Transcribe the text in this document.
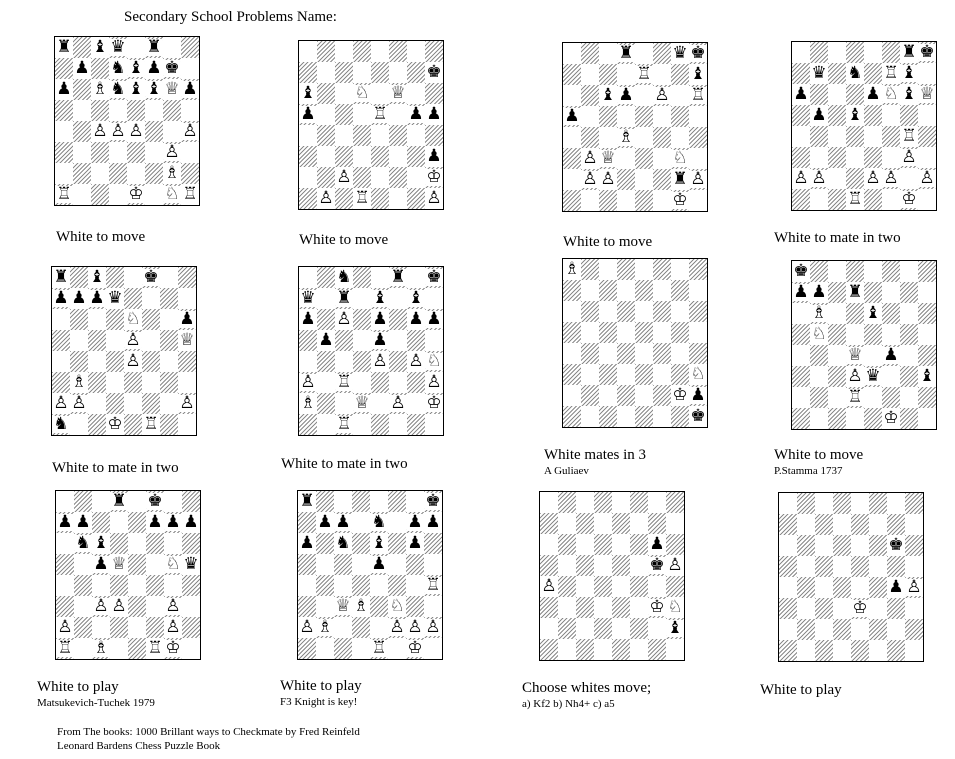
Secondary School Problems Name:
♜ ♝ ♛ ♜
♟ ♞ ♝ ♟ ♚
♟ ♗ ♞ ♝ ♝ ♕ ♟
♙ ♙ ♙ ♙
♙
♗
♖	♔ ♘ ♖
♚
♝ ♘ ♕
♟	♖ ♟ ♟
♟
♙	♔
♙ ♖	♙
♜ ♛ ♚
♖ ♝
♝ ♟ ♙ ♖
♟
♗
♙ ♕	♘
♙ ♙	♜ ♙
♔
♜ ♚
♛ ♞ ♖ ♝
♟	♟ ♘ ♝ ♕
♟ ♝
♖
♙
♙ ♙ ♙ ♙ ♙
♖ ♔
♜ ♝ ♚
♟ ♟ ♟ ♛
♘ ♟
♙ ♕
♙
♗
♙ ♙	♙
♞ ♔ ♖
♞ ♜ ♚
♛ ♜ ♝ ♝
♟ ♙ ♟ ♟ ♟
♟ ♟
♙ ♙ ♘
♙ ♖	♙
♗ ♕ ♙ ♔
♖
♗
♘
♔ ♟
♚
♚
♟ ♟ ♜
♗ ♝
♘
♕ ♟
♙ ♛ ♝
♖
♔
♜ ♚
♟ ♟	♟ ♟ ♟
♞ ♝
♟ ♕ ♘ ♛
♙ ♙ ♙
♙	♙
♖ ♗ ♖ ♔
♜	♚
♟ ♟ ♞ ♟ ♟
♟ ♞ ♝ ♟
♟
♖
♕ ♗ ♘
♙ ♗	♙ ♙ ♙
♖ ♔
♟
♚ ♙
♙
♔ ♘
♝
♚
♟ ♙
♔
White to move	White to move	White to move	White to mate in two
White to mate in two	White to mate in two
White mates in 3
A Guliaev
White to move
P.Stamma 1737
White to play
Matsukevich-Tuchek 1979
White to play
F3 Knight is key!
Choose whites move;
a) Kf2 b) Nh4+ c) a5
White to play
From The books: 1000 Brillant ways to Checkmate by Fred Reinfeld
Leonard Bardens Chess Puzzle Book
